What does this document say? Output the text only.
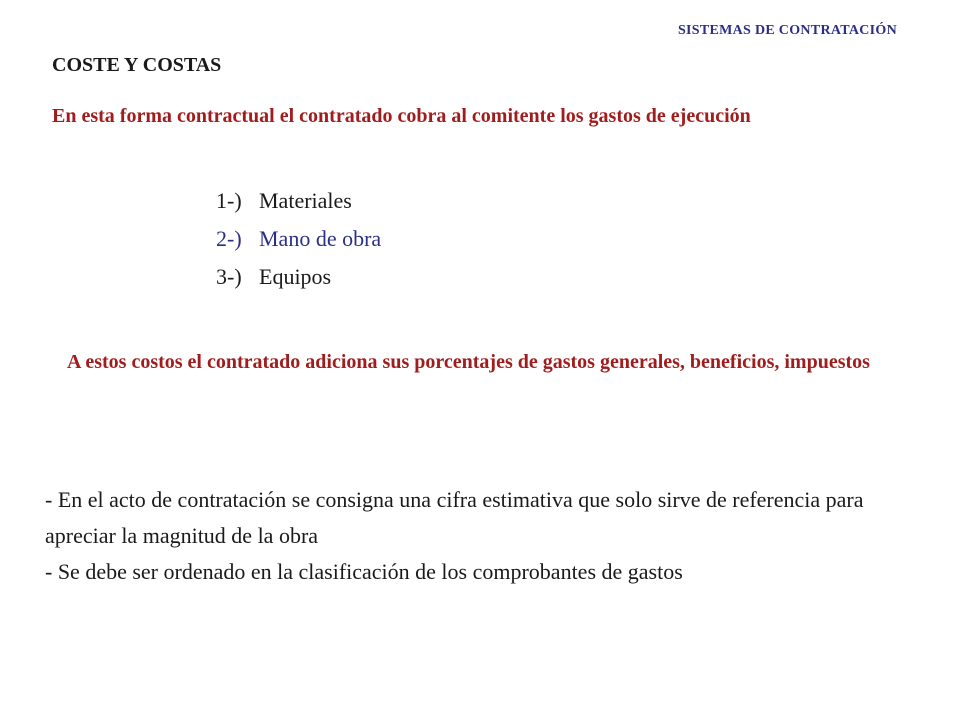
SISTEMAS DE CONTRATACIÓN
COSTE Y COSTAS
En esta forma contractual el contratado cobra al comitente los gastos de ejecución
1-) Materiales
2-) Mano de obra
3-) Equipos
A estos costos el contratado adiciona sus porcentajes de gastos generales, beneficios, impuestos

- En el acto de contratación se consigna una cifra estimativa que solo sirve de referencia para apreciar la magnitud de la obra

- Se debe ser ordenado en la clasificación de los comprobantes de gastos
